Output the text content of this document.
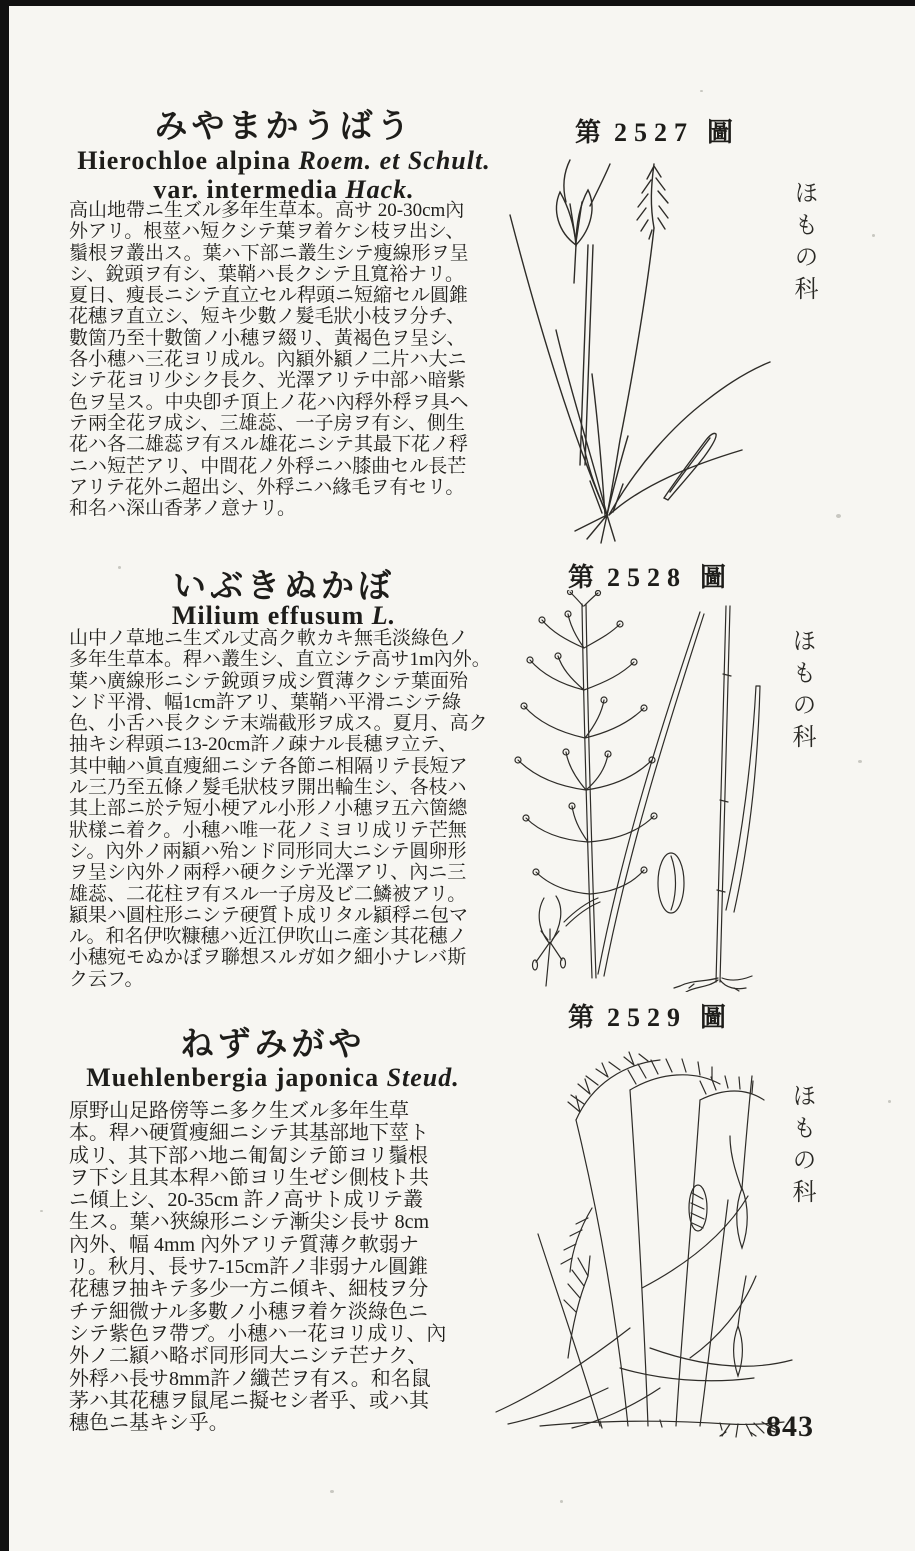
みやまかうばう
Hierochloe alpina Roem. et Schult.
var. intermedia Hack.
高山地帶ニ生ズル多年生草本。高サ 20-30cm內
外アリ。根莖ハ短クシテ葉ヲ着ケシ枝ヲ出シ、
鬚根ヲ叢出ス。葉ハ下部ニ叢生シテ瘦線形ヲ呈
シ、銳頭ヲ有シ、葉鞘ハ長クシテ且寬裕ナリ。
夏日、瘦長ニシテ直立セル稈頭ニ短縮セル圓錐
花穗ヲ直立シ、短キ少數ノ髮毛狀小枝ヲ分チ、
數箇乃至十數箇ノ小穗ヲ綴リ、黃褐色ヲ呈シ、
各小穗ハ三花ヨリ成ル。內顈外顈ノ二片ハ大ニ
シテ花ヨリ少シク長ク、光澤アリテ中部ハ暗紫
色ヲ呈ス。中央卽チ頂上ノ花ハ內稃外稃ヲ具ヘ
テ兩全花ヲ成シ、三雄蕊、一子房ヲ有シ、側生
花ハ各二雄蕊ヲ有スル雄花ニシテ其最下花ノ稃
ニハ短芒アリ、中間花ノ外稃ニハ膝曲セル長芒
アリテ花外ニ超出シ、外稃ニハ緣毛ヲ有セリ。
和名ハ深山香茅ノ意ナリ。
第 2527 圖
ほもの科
いぶきぬかぼ
Milium effusum L.
山中ノ草地ニ生ズル丈高ク軟カキ無毛淡綠色ノ
多年生草本。稈ハ叢生シ、直立シテ高サ1m內外。
葉ハ廣線形ニシテ銳頭ヲ成シ質薄クシテ葉面殆
ンド平滑、幅1cm許アリ、葉鞘ハ平滑ニシテ綠
色、小舌ハ長クシテ末端截形ヲ成ス。夏月、高ク
抽キシ稈頭ニ13-20cm許ノ疎ナル長穗ヲ立テ、
其中軸ハ眞直瘦細ニシテ各節ニ相隔リテ長短ア
ル三乃至五條ノ髮毛狀枝ヲ開出輪生シ、各枝ハ
其上部ニ於テ短小梗アル小形ノ小穗ヲ五六箇總
狀樣ニ着ク。小穗ハ唯一花ノミヨリ成リテ芒無
シ。內外ノ兩顈ハ殆ンド同形同大ニシテ圓卵形
ヲ呈シ內外ノ兩稃ハ硬クシテ光澤アリ、內ニ三
雄蕊、二花柱ヲ有スル一子房及ビ二鱗被アリ。
顈果ハ圓柱形ニシテ硬質ト成リタル顈稃ニ包マ
ル。和名伊吹糠穗ハ近江伊吹山ニ產シ其花穗ノ
小穗宛モぬかぼヲ聯想スルガ如ク細小ナレバ斯
ク云フ。
第 2528 圖
ほもの科
ねずみがや
Muehlenbergia japonica Steud.
原野山足路傍等ニ多ク生ズル多年生草
本。稈ハ硬質瘦細ニシテ其基部地下莖ト
成リ、其下部ハ地ニ匍匐シテ節ヨリ鬚根
ヲ下シ且其本稈ハ節ヨリ生ゼシ側枝ト共
ニ傾上シ、20-35cm 許ノ高サト成リテ叢
生ス。葉ハ狹線形ニシテ漸尖シ長サ 8cm
內外、幅 4mm 內外アリテ質薄ク軟弱ナ
リ。秋月、長サ7-15cm許ノ非弱ナル圓錐
花穗ヲ抽キテ多少一方ニ傾キ、細枝ヲ分
チテ細微ナル多數ノ小穗ヲ着ケ淡綠色ニ
シテ紫色ヲ帶ブ。小穗ハ一花ヨリ成リ、內
外ノ二顈ハ略ボ同形同大ニシテ芒ナク、
外稃ハ長サ8mm許ノ纖芒ヲ有ス。和名鼠
茅ハ其花穗ヲ鼠尾ニ擬セシ者乎、或ハ其
穗色ニ基キシ乎。
第 2529 圖
ほもの科
843
